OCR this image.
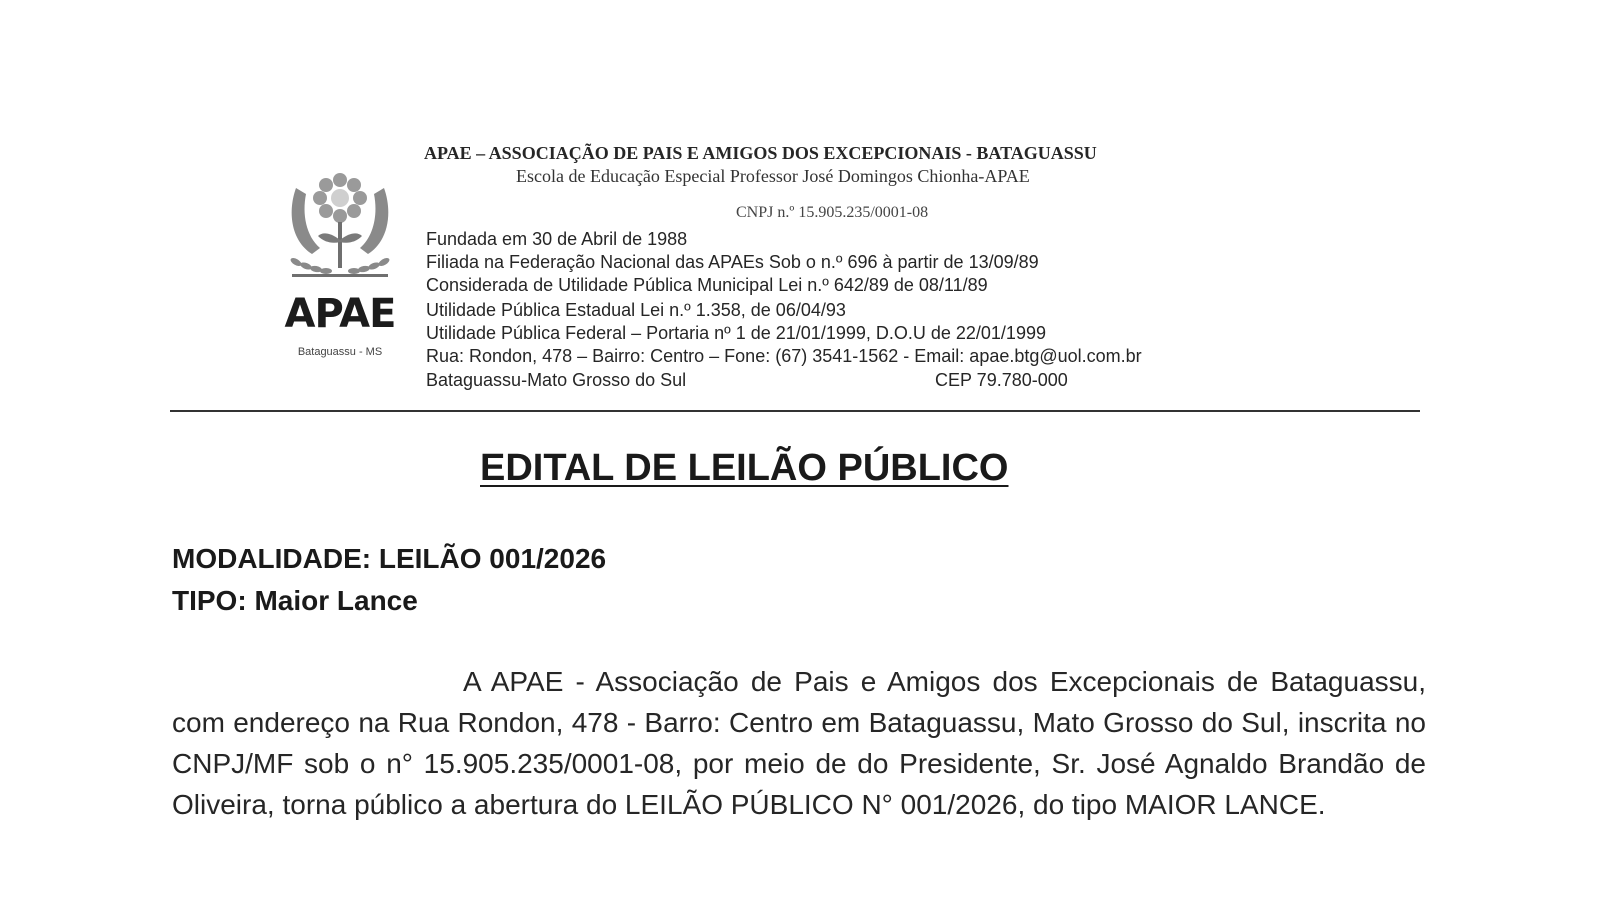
APAE
Bataguassu - MS
APAE – ASSOCIAÇÃO DE PAIS E AMIGOS DOS EXCEPCIONAIS - BATAGUASSU
Escola de Educação Especial Professor José Domingos Chionha-APAE
CNPJ n.º 15.905.235/0001-08
Fundada em 30 de Abril de 1988
Filiada na Federação Nacional das APAEs Sob o n.º 696 à partir de 13/09/89
Considerada de Utilidade Pública Municipal Lei n.º 642/89 de 08/11/89
Utilidade Pública Estadual Lei n.º 1.358, de 06/04/93
Utilidade Pública Federal – Portaria nº 1 de 21/01/1999, D.O.U de 22/01/1999
Rua: Rondon, 478 – Bairro: Centro – Fone: (67) 3541-1562 - Email: apae.btg@uol.com.br
Bataguassu-Mato Grosso do Sul	CEP 79.780-000
EDITAL DE LEILÃO PÚBLICO
MODALIDADE: LEILÃO 001/2026
TIPO: Maior Lance

A APAE - Associação de Pais e Amigos dos Excepcionais de Bataguassu, com endereço na Rua Rondon, 478 - Barro: Centro em Bataguassu, Mato Grosso do Sul, inscrita no CNPJ/MF sob o n° 15.905.235/0001-08, por meio de do Presidente, Sr. José Agnaldo Brandão de Oliveira, torna público a abertura do LEILÃO PÚBLICO N° 001/2026, do tipo MAIOR LANCE.
